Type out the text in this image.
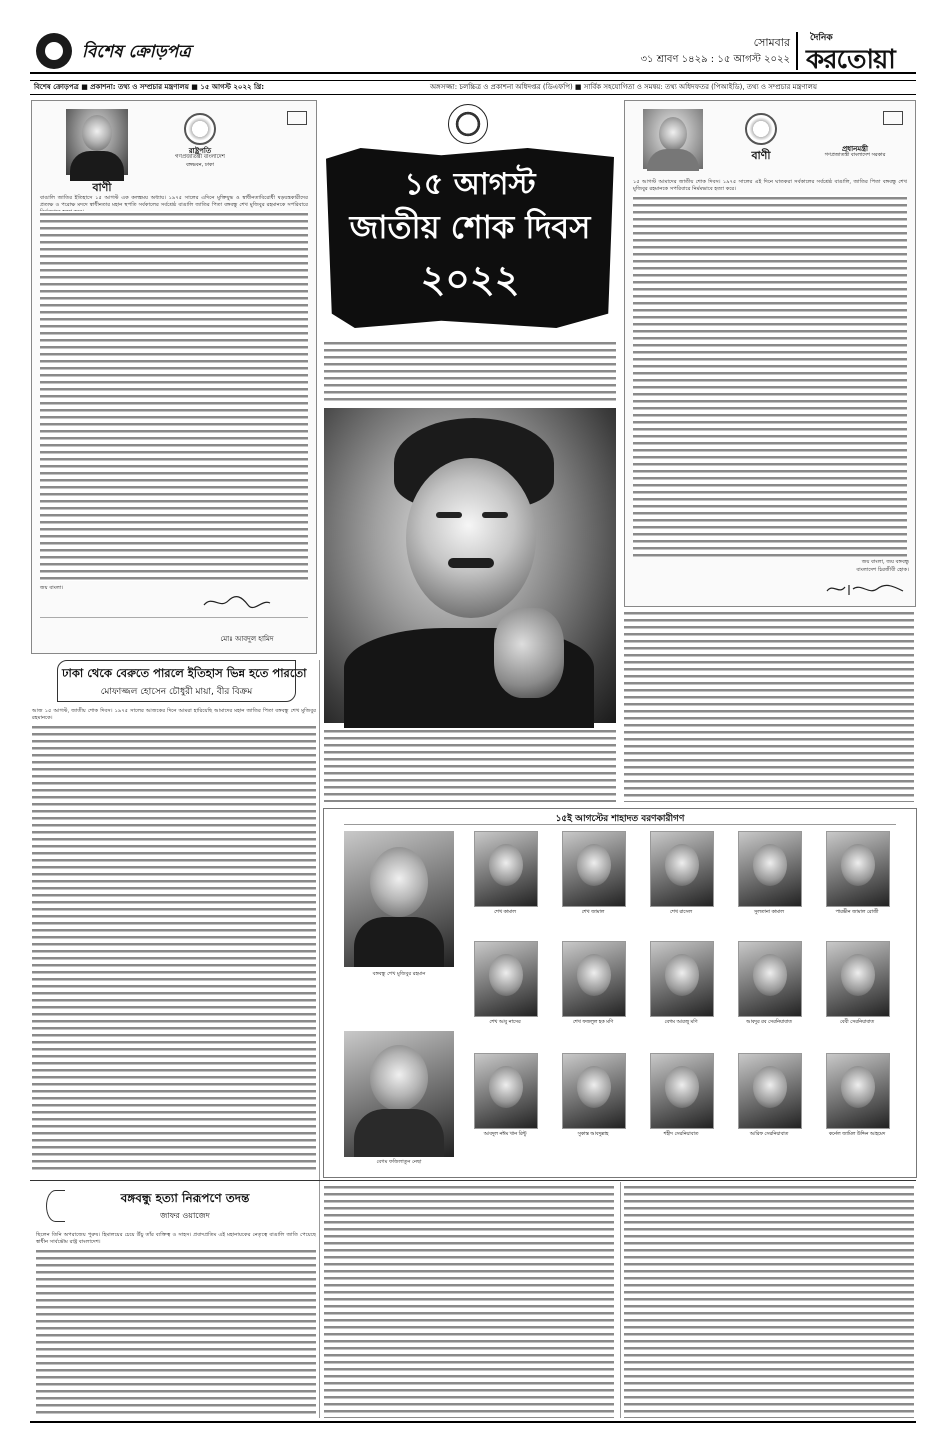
বিশেষ ক্রোড়পত্র	সোমবার
৩১ শ্রাবণ ১৪২৯ : ১৫ আগস্ট ২০২২
দৈনিক
করতোয়া
বিশেষ ক্রোড়পত্র ■ প্রকাশনা: তথ্য ও সম্প্রচার মন্ত্রণালয় ■ ১৫ আগস্ট ২০২২ খ্রি:	অঙ্গসজ্জা: চলচ্চিত্র ও প্রকাশনা অধিদপ্তর (ডিএফপি) ■ সার্বিক সহযোগিতা ও সমন্বয়: তথ্য অধিদফতর (পিআইডি), তথ্য ও সম্প্রচার মন্ত্রণালয়
রাষ্ট্রপতি
গণপ্রজাতন্ত্রী বাংলাদেশ
বঙ্গভবন, ঢাকা
বাণী
বাঙালি জাতির ইতিহাসে ১৫ আগস্ট এক কলঙ্কময় অধ্যায়। ১৯৭৫ সালের এদিনে মুক্তিযুদ্ধ ও স্বাধীনতাবিরোধী ষড়যন্ত্রকারীদের প্রত্যক্ষ ও পরোক্ষ মদদে স্বাধীনতার মহান স্থপতি সর্বকালের সর্বশ্রেষ্ঠ বাঙালি জাতির পিতা বঙ্গবন্ধু শেখ মুজিবুর রহমানকে সপরিবারে
জয় বাংলা।
মোঃ আবদুল হামিদ
১৫ আগস্ট
জাতীয় শোক দিবস
২০২২
বাণী	প্রধানমন্ত্রী
গণপ্রজাতন্ত্রী বাংলাদেশ সরকার
১৫ আগস্ট আমাদের জাতীয় শোক দিবস। ১৯৭৫ সালের এই দিনে ঘাতকরা সর্বকালের সর্বশ্রেষ্ঠ বাঙালি, জাতির পিতা বঙ্গবন্ধু শেখ মুজিবুর রহমানকে সপরিবারে নির্মমভাবে হত্যা করে।
জয় বাংলা, জয় বঙ্গবন্ধু
বাংলাদেশ চিরজীবী হোক।
ঢাকা থেকে বেরুতে পারলে ইতিহাস ভিন্ন হতে পারতো
মোফাজ্জল হোসেন চৌধুরী মায়া, বীর বিক্রম
আজ ১৫ আগস্ট, জাতীয় শোক দিবস। ১৯৭৫ সালের আজকের দিনে আমরা হারিয়েছি আমাদের মহান জাতির পিতা বঙ্গবন্ধু শেখ মুজিবুর রহমানকে।
১৫ই আগস্টের শাহাদত বরণকারীগণ
বঙ্গবন্ধু শেখ মুজিবুর রহমান
বেগম ফজিলাতুন নেছা
শেখ কামাল	শেখ জামাল	শেখ রাসেল	সুলতানা কামাল	পারভীন জামাল রোজী
শেখ আবু নাসের	শেখ ফজলুল হক মণি	বেগম আরজু মণি	আবদুর রব সেরনিয়াবাত	বেবী সেরনিয়াবাত
আবদুল নঈম খান রিন্টু	সুকান্ত আবদুল্লাহ	শহীদ সেরনিয়াবাত	আরিফ সেরনিয়াবাত	কর্নেল জামিল উদ্দিন আহমেদ
বঙ্গবন্ধু হত্যা নিরূপণে তদন্ত
জাফর ওয়াজেদ
ছিলেন তিনি অপরাজেয় পুরুষ। হিমালয়ের চেয়ে উঁচু তাঁর ব্যক্তিত্ব ও সাহস। প্রবাদপ্রতিম এই মহানায়কের নেতৃত্বে বাঙালি জাতি পেয়েছে স্বাধীন সার্বভৌম রাষ্ট্র বাংলাদেশ।
